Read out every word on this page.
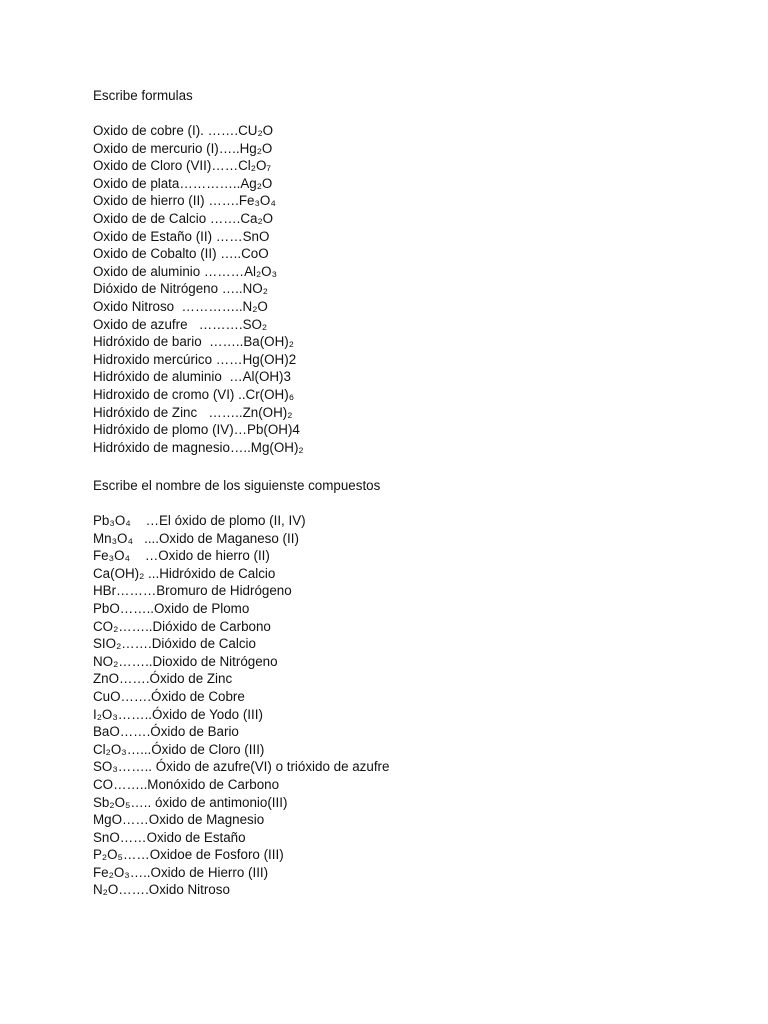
Escribe formulas
Oxido de cobre (I). …….CU₂O
Oxido de mercurio (I)…..Hg₂O
Oxido de Cloro (VII)……Cl₂O₇
Oxido de plata…………..Ag₂O
Oxido de hierro (II) …….Fe₃O₄
Oxido de de Calcio …….Ca₂O
Oxido de Estaño (II) ……SnO
Oxido de Cobalto (II) …..CoO
Oxido de aluminio ………Al₂O₃
Dióxido de Nitrógeno …..NO₂
Oxido Nitroso  …………..N₂O
Oxido de azufre   ……….SO₂
Hidróxido de bario  ……..Ba(OH)₂
Hidroxido mercúrico ……Hg(OH)2
Hidróxido de aluminio  …Al(OH)3
Hidroxido de cromo (VI) ..Cr(OH)₆
Hidróxido de Zinc   ……..Zn(OH)₂
Hidróxido de plomo (IV)…Pb(OH)4
Hidróxido de magnesio…..Mg(OH)₂
Escribe el nombre de los siguienste compuestos
Pb₃O₄    …El óxido de plomo (II, IV)
Mn₃O₄   ....Oxido de Maganeso (II)
Fe₃O₄    …Oxido de hierro (II)
Ca(OH)₂ ...Hidróxido de Calcio
HBr………Bromuro de Hidrógeno
PbO……..Oxido de Plomo
CO₂……..Dióxido de Carbono
SIO₂…….Dióxido de Calcio
NO₂……..Dioxido de Nitrógeno
ZnO…….Óxido de Zinc
CuO…….Óxido de Cobre
I₂O₃……..Óxido de Yodo (III)
BaO…….Óxido de Bario
Cl₂O₃…...Óxido de Cloro (III)
SO₃…….. Óxido de azufre(VI) o trióxido de azufre
CO……..Monóxido de Carbono
Sb₂O₅….. óxido de antimonio(III)
MgO……Oxido de Magnesio
SnO……Oxido de Estaño
P₂O₅……Oxidoe de Fosforo (III)
Fe₂O₃…..Oxido de Hierro (III)
N₂O…….Oxido Nitroso
